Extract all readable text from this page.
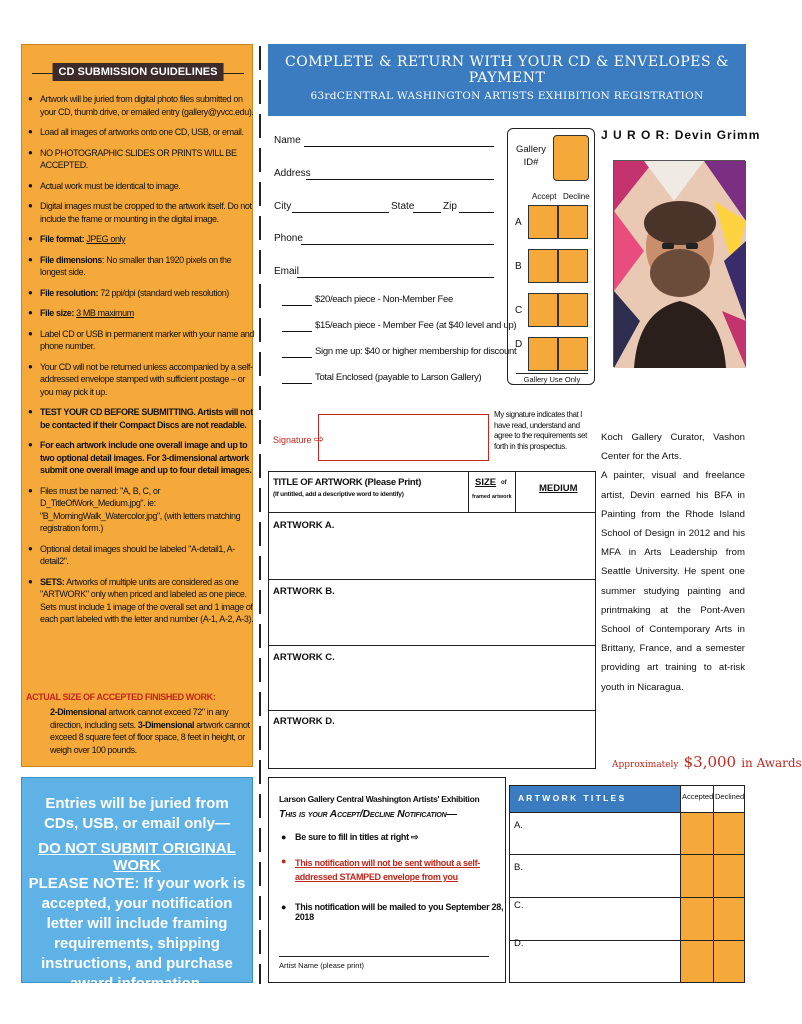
CD SUBMISSION GUIDELINES
● Artwork will be juried from digital photo files submitted on your CD, thumb drive, or emailed entry (gallery@yvcc.edu).
● Load all images of artworks onto one CD, USB, or email.
● NO PHOTOGRAPHIC SLIDES OR PRINTS WILL BE ACCEPTED.
● Actual work must be identical to image.
● Digital images must be cropped to the artwork itself. Do not include the frame or mounting in the digital image.
● File format: JPEG only
● File dimensions: No smaller than 1920 pixels on the longest side.
● File resolution: 72 ppi/dpi (standard web resolution)
● File size: 3 MB maximum
● Label CD or USB in permanent marker with your name and phone number.
● Your CD will not be returned unless accompanied by a self-addressed envelope stamped with sufficient postage – or you may pick it up.
● TEST YOUR CD BEFORE SUBMITTING. Artists will not be contacted if their Compact Discs are not readable.
● For each artwork include one overall image and up to two optional detail images. For 3-dimensional artwork submit one overall image and up to four detail images.
● Files must be named: "A, B, C, or D_TitleOfWork_Medium.jpg". ie: "B_MorningWalk_Watercolor.jpg", (with letters matching registration form.)
● Optional detail images should be labeled "A-detail1, A-detail2".
● SETS: Artworks of multiple units are considered as one "ARTWORK" only when priced and labeled as one piece. Sets must include 1 image of the overall set and 1 image of each part labeled with the letter and number (A-1, A-2, A-3).
ACTUAL SIZE OF ACCEPTED FINISHED WORK:
2-Dimensional artwork cannot exceed 72" in any direction, including sets. 3-Dimensional artwork cannot exceed 8 square feet of floor space, 8 feet in height, or weigh over 100 pounds.
Entries will be juried from CDs, USB, or email only—
DO NOT SUBMIT ORIGINAL WORK
PLEASE NOTE: If your work is accepted, your notification letter will include framing requirements, shipping instructions, and purchase award information.
COMPLETE & RETURN WITH YOUR CD & ENVELOPES & PAYMENT
63rdCENTRAL WASHINGTON ARTISTS EXHIBITION REGISTRATION
Name
Address
City	State	Zip
Phone
Email
$20/each piece - Non-Member Fee
$15/each piece - Member Fee (at $40 level and up)
Sign me up: $40 or higher membership for discount
Total Enclosed (payable to Larson Gallery)
Gallery
ID#
Accept Decline
A
B
C
D
Gallery Use Only
J U R O R: Devin Grimm
Koch Gallery Curator, Vashon Center for the Arts.
A painter, visual and freelance artist, Devin earned his BFA in Painting from the Rhode Island School of Design in 2012 and his MFA in Arts Leadership from Seattle University. He spent one summer studying painting and printmaking at the Pont-Aven School of Contemporary Arts in Brittany, France, and a semester providing art training to at-risk youth in Nicaragua.
Approximately $3,000 in Awards
Signature ⇨
My signature indicates that I have read, understand and agree to the requirements set forth in this prospectus.
TITLE OF ARTWORK (Please Print)
(If untitled, add a descriptive word to identify)
SIZE of
framed artwork
MEDIUM
ARTWORK A.
ARTWORK B.
ARTWORK C.
ARTWORK D.
Larson Gallery Central Washington Artists' Exhibition
This is your Accept/Decline Notification—
● Be sure to fill in titles at right ⇨
● This notification will not be sent without a self-addressed STAMPED envelope from you
● This notification will be mailed to you September 28, 2018
Artist Name (please print)
A R T W O R K   T I T L E S	Accepted Declined
A.
B.
C.
D.
